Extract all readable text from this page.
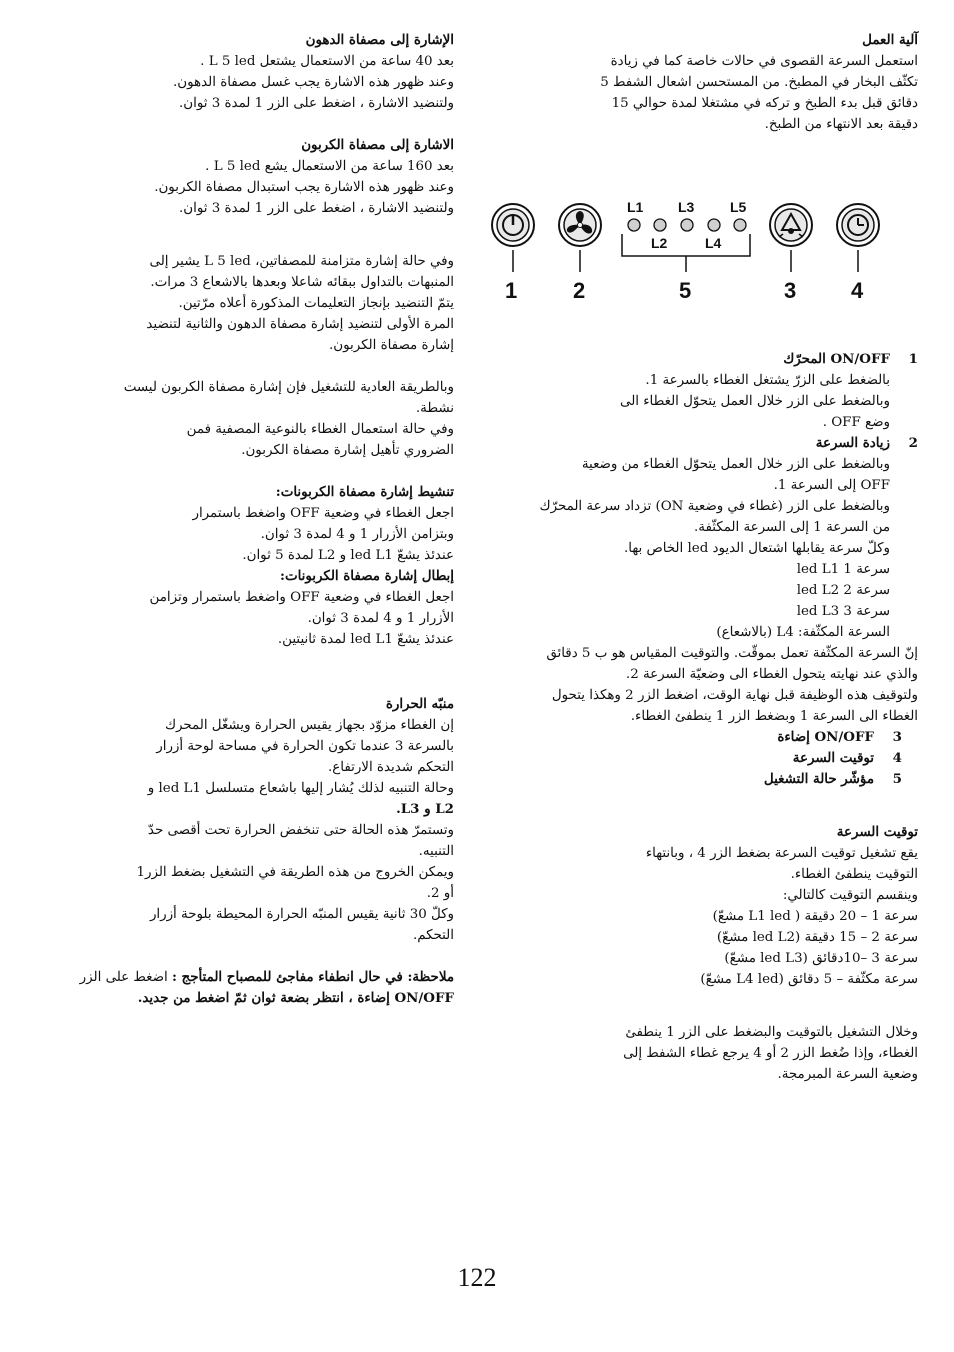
آلية العمل

استعمل السرعة القصوى في حالات خاصة كما في زيادة

تكثّف البخار في المطبخ. من المستحسن اشعال الشفط 5

دقائق قبل بدء الطبخ و تركه في مشتغلا لمدة حوالي 15

دقيقة بعد الانتهاء من الطبخ.

L1 L3	L5
L2	L4
1	2	5	3 4
1
ON/OFF المحرّك

بالضغط على الزرّ يشتغل الغطاء بالسرعة 1.

وبالضغط على الزر خلال العمل يتحوّل الغطاء الى

وضع OFF .

2
زيادة السرعة

وبالضغط على الزر خلال العمل يتحوّل الغطاء من وضعية

OFF إلى السرعة 1.

وبالضغط على الزر (غطاء في وضعية ON) تزداد سرعة المحرّك

من السرعة 1 إلى السرعة المكثّفة.

وكلّ سرعة يقابلها اشتعال الديود led الخاص بها.

سرعة 1 led L1

سرعة 2 led L2

سرعة 3 led L3

السرعة المكثّفة: L4 (بالاشعاع)

إنّ السرعة المكثّفة تعمل بموقّت. والتوقيت المقياس هو ب 5 دقائق

والذي عند نهايته يتحول الغطاء الى وضعيّة السرعة 2.

ولتوقيف هذه الوظيفة قبل نهاية الوقت، اضغط الزر 2 وهكذا يتحول

الغطاء الى السرعة 1 وبضغط الزر 1 ينطفئ الغطاء.

3
ON/OFF إضاءة
4
توقيت السرعة
5
مؤشّر حالة التشغيل

توقيت السرعة

يقع تشغيل توقيت السرعة بضغط الزر 4 ، وبانتهاء

التوقيت ينطفئ الغطاء.

وينقسم التوقيت كالتالي:

سرعة 1 – 20 دقيقة ( L1 led مشعّ)

سرعة 2 – 15 دقيقة (led L2 مشعّ)

سرعة 3 –10دقائق (led L3 مشعّ)

سرعة مكثّفة – 5 دقائق (L4 led مشعّ)

وخلال التشغيل بالتوقيت والبضغط على الزر 1 ينطفئ

الغطاء، وإذا ضُغط الزر 2 أو 4 يرجع غطاء الشفط إلى

وضعية السرعة المبرمجة.

الإشارة إلى مصفاة الدهون

بعد 40 ساعة من الاستعمال يشتعل L 5 led .

وعند ظهور هذه الاشارة يجب غسل مصفاة الدهون.

ولتنضيد الاشارة ، اضغط على الزر 1 لمدة 3 ثوان.

الاشارة إلى مصفاة الكربون

بعد 160 ساعة من الاستعمال يشع L 5 led .

وعند ظهور هذه الاشارة يجب استبدال مصفاة الكربون.

ولتنضيد الاشارة ، اضغط على الزر 1 لمدة 3 ثوان.

وفي حالة إشارة متزامنة للمصفاتين، L 5 led يشير إلى

المنبهات بالتداول ببقائه شاعلا وبعدها بالاشعاع 3 مرات.

يتمّ التنضيد بإنجاز التعليمات المذكورة أعلاه مرّتين.

المرة الأولى لتنضيد إشارة مصفاة الدهون والثانية لتنضيد

إشارة مصفاة الكربون.

وبالطريقة العادية للتشغيل فإن إشارة مصفاة الكربون ليست

نشطة.

وفي حالة استعمال الغطاء بالنوعية المصفية فمن

الضروري تأهيل إشارة مصفاة الكربون.

تنشيط إشارة مصفاة الكربونات:

اجعل الغطاء في وضعية OFF واضغط باستمرار

وبتزامن الأزرار 1 و 4 لمدة 3 ثوان.

عندئذ يشعّ led L1 و L2 لمدة 5 ثوان.

إبطال إشارة مصفاة الكربونات:

اجعل الغطاء في وضعية OFF واضغط باستمرار وتزامن

الأزرار 1 و 4 لمدة 3 ثوان.

عندئذ يشعّ led L1 لمدة ثانيتين.

منبّه الحرارة

إن الغطاء مزوّد بجهاز يقيس الحرارة ويشغّل المحرك

بالسرعة 3 عندما تكون الحرارة في مساحة لوحة أزرار

التحكم شديدة الارتفاع.

وحالة التنبيه لذلك يُشار إليها باشعاع متسلسل led L1 و

L2 و L3.

وتستمرّ هذه الحالة حتى تنخفض الحرارة تحت أقصى حدّ

التنبيه.

ويمكن الخروج من هذه الطريقة في التشغيل بضغط الزر1

أو 2.

وكلّ 30 ثانية يقيس المنبّه الحرارة المحيطة بلوحة أزرار

التحكم.

ملاحظة: في حال انطفاء مفاجئ للمصباح المتأجج : اضغط على الزر

ON/OFF إضاءة ، انتظر بضعة ثوان ثمّ اضغط من جديد.

122
